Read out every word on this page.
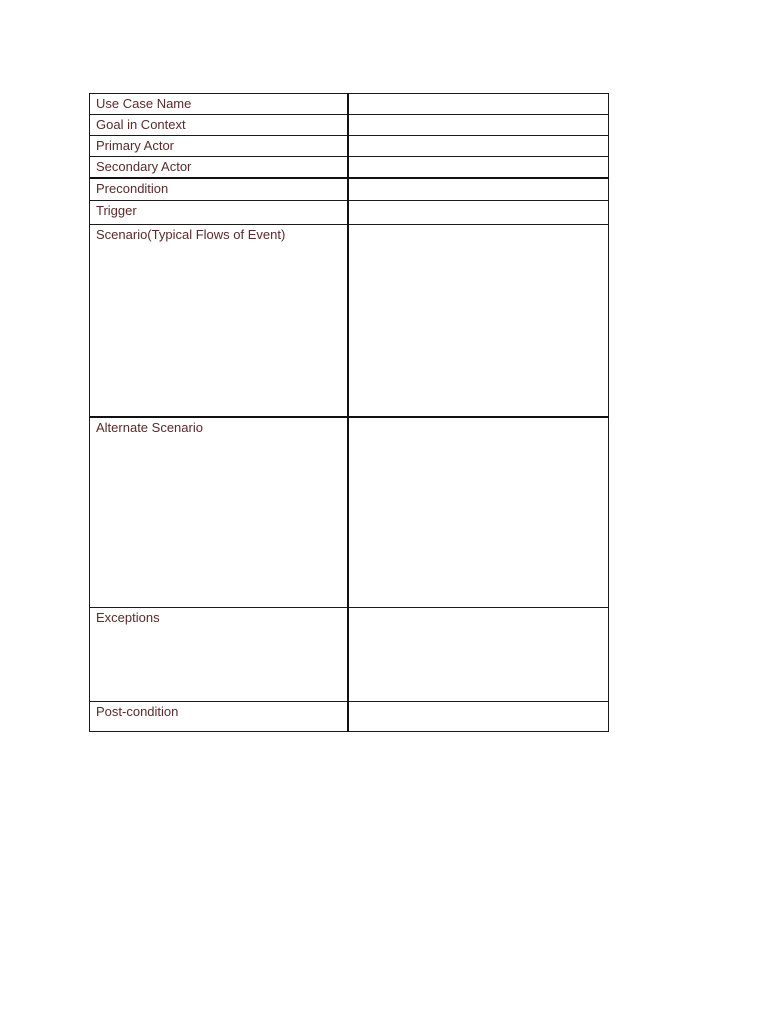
Use Case Name	

Goal in Context	

Primary Actor	

Secondary Actor	

Precondition	

Trigger	

Scenario(Typical Flows of Event)	

Alternate Scenario	

Exceptions	

Post-condition	
